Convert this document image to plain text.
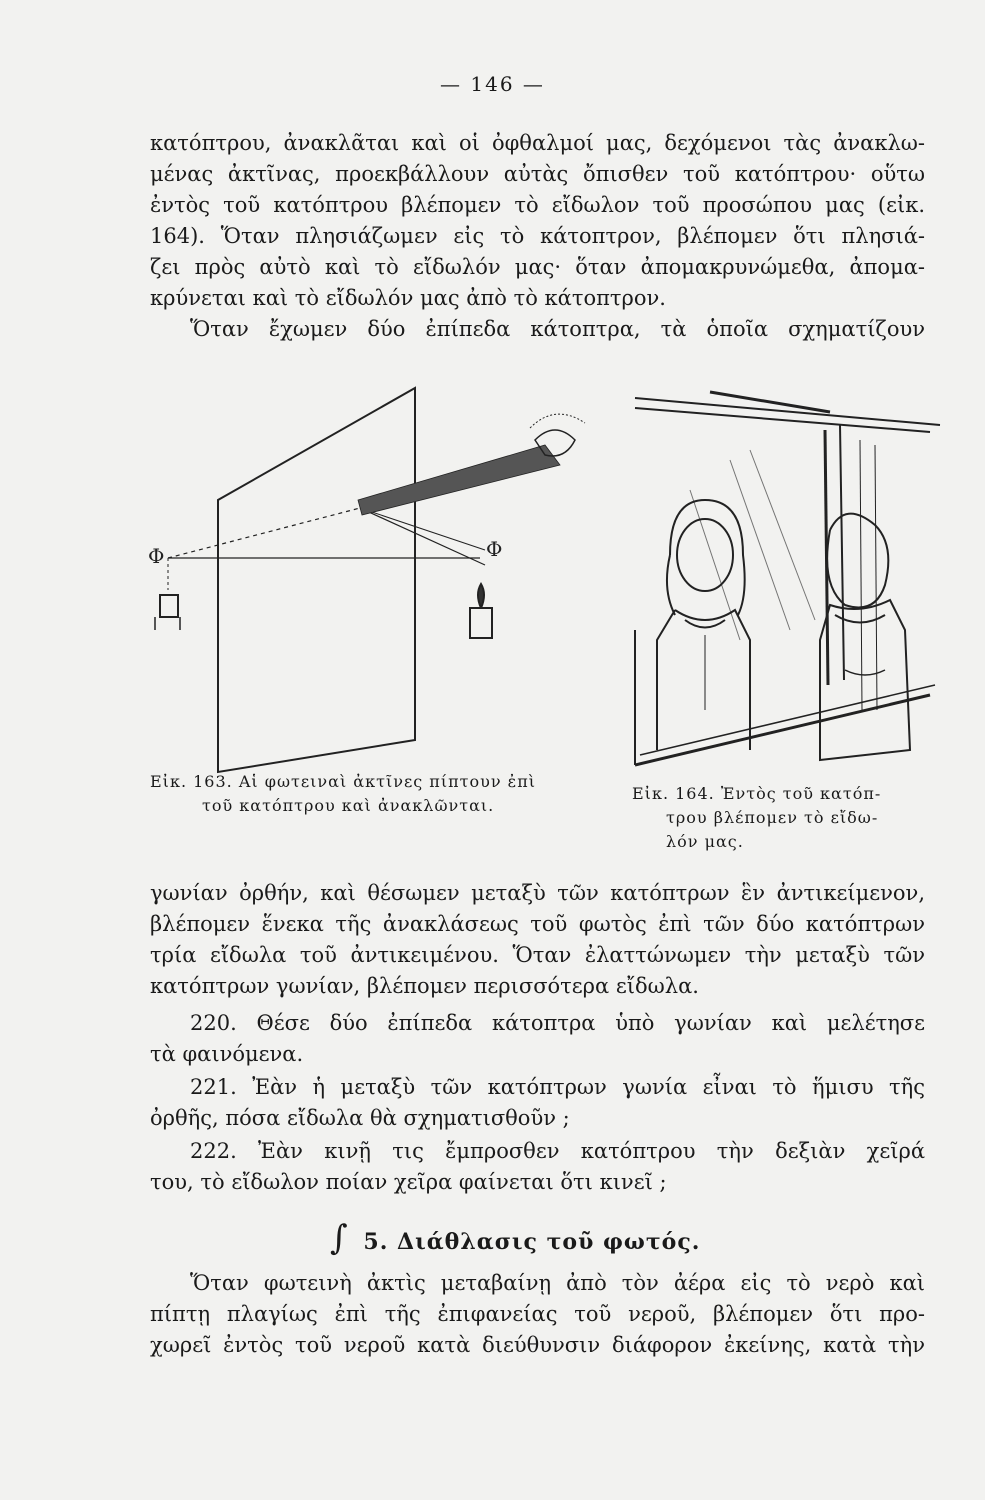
— 146 —
κατόπτρου, ἀνακλᾶται καὶ οἱ ὀφθαλμοί μας, δεχόμενοι τὰς ἀνακλω-
μένας ἀκτῖνας, προεκβάλλουν αὐτὰς ὄπισθεν τοῦ κατόπτρου· οὕτω
ἐντὸς τοῦ κατόπτρου βλέπομεν τὸ εἴδωλον τοῦ προσώπου μας (εἰκ.
164). Ὅταν πλησιάζωμεν εἰς τὸ κάτοπτρον, βλέπομεν ὅτι πλησιά-
ζει πρὸς αὐτὸ καὶ τὸ εἴδωλόν μας· ὅταν ἀπομακρυνώμεθα, ἀπομα-
κρύνεται καὶ τὸ εἴδωλόν μας ἀπὸ τὸ κάτοπτρον.
Ὅταν ἔχωμεν δύο ἐπίπεδα κάτοπτρα, τὰ ὁποῖα σχηματίζουν
Φ	Φ
Εἰκ. 163. Αἱ φωτειναὶ ἀκτῖνες πίπτουν ἐπὶ
τοῦ κατόπτρου καὶ ἀνακλῶνται.
Εἰκ. 164. Ἐντὸς τοῦ κατόπ-
τρου βλέπομεν τὸ εἴδω-
λόν μας.
γωνίαν ὀρθήν, καὶ θέσωμεν μεταξὺ τῶν κατόπτρων ἓν ἀντικείμενον,
βλέπομεν ἕνεκα τῆς ἀνακλάσεως τοῦ φωτὸς ἐπὶ τῶν δύο κατόπτρων
τρία εἴδωλα τοῦ ἀντικειμένου. Ὅταν ἐλαττώνωμεν τὴν μεταξὺ τῶν
κατόπτρων γωνίαν, βλέπομεν περισσότερα εἴδωλα.
220. Θέσε δύο ἐπίπεδα κάτοπτρα ὑπὸ γωνίαν καὶ μελέτησε
τὰ φαινόμενα.
221. Ἐὰν ἡ μεταξὺ τῶν κατόπτρων γωνία εἶναι τὸ ἥμισυ τῆς
ὀρθῆς, πόσα εἴδωλα θὰ σχηματισθοῦν ;
222. Ἐὰν κινῇ τις ἔμπροσθεν κατόπτρου τὴν δεξιὰν χεῖρά
του, τὸ εἴδωλον ποίαν χεῖρα φαίνεται ὅτι κινεῖ ;
∫ 5. Διάθλασις τοῦ φωτός.
Ὅταν φωτεινὴ ἀκτὶς μεταβαίνῃ ἀπὸ τὸν ἀέρα εἰς τὸ νερὸ καὶ
πίπτῃ πλαγίως ἐπὶ τῆς ἐπιφανείας τοῦ νεροῦ, βλέπομεν ὅτι προ-
χωρεῖ ἐντὸς τοῦ νεροῦ κατὰ διεύθυνσιν διάφορον ἐκείνης, κατὰ τὴν
